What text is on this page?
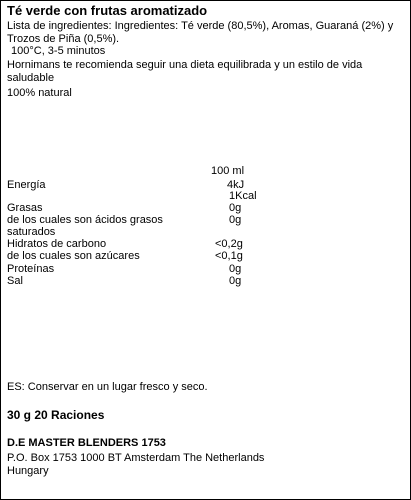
Té verde con frutas aromatizado
Lista de ingredientes: Ingredientes: Té verde (80,5%), Aromas, Guaraná (2%) y Trozos de Piña (0,5%).
100°C, 3-5 minutos
Hornimans te recomienda seguir una dieta equilibrada y un estilo de vida saludable
100% natural
100 ml
Energía	4kJ
1Kcal
Grasas	0g
de los cuales son ácidos grasos	0g
saturados
Hidratos de carbono	<0,2g
de los cuales son azúcares	<0,1g
Proteínas	0g
Sal	0g
ES: Conservar en un lugar fresco y seco.
30 g 20 Raciones
D.E MASTER BLENDERS 1753
P.O. Box 1753 1000 BT Amsterdam The Netherlands
Hungary
